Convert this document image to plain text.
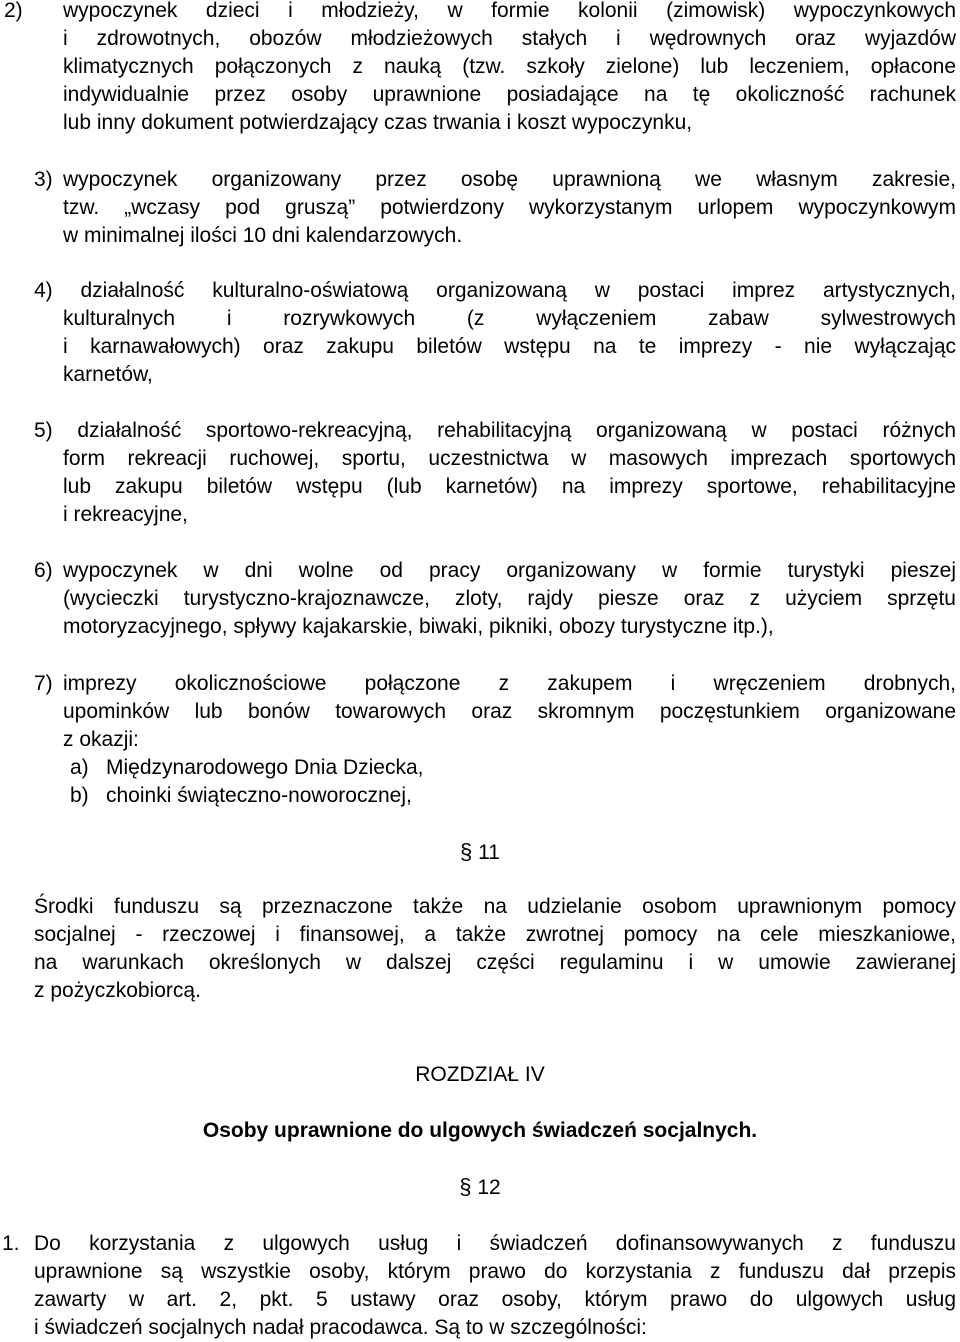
2) wypoczynek dzieci i młodzieży, w formie kolonii (zimowisk) wypoczynkowych
i zdrowotnych, obozów młodzieżowych stałych i wędrownych oraz wyjazdów
klimatycznych połączonych z nauką (tzw. szkoły zielone) lub leczeniem, opłacone
indywidualnie przez osoby uprawnione posiadające na tę okoliczność rachunek
lub inny dokument potwierdzający czas trwania i koszt wypoczynku,
3) wypoczynek organizowany przez osobę uprawnioną we własnym zakresie,
tzw. „wczasy pod gruszą” potwierdzony wykorzystanym urlopem wypoczynkowym
w minimalnej ilości 10 dni kalendarzowych.
4) działalność kulturalno-oświatową organizowaną w postaci imprez artystycznych,
kulturalnych i rozrywkowych (z wyłączeniem zabaw sylwestrowych
i karnawałowych) oraz zakupu biletów wstępu na te imprezy - nie wyłączając
karnetów,
5) działalność sportowo-rekreacyjną, rehabilitacyjną organizowaną w postaci różnych
form rekreacji ruchowej, sportu, uczestnictwa w masowych imprezach sportowych
lub zakupu biletów wstępu (lub karnetów) na imprezy sportowe, rehabilitacyjne
i rekreacyjne,
6) wypoczynek w dni wolne od pracy organizowany w formie turystyki pieszej
(wycieczki turystyczno-krajoznawcze, zloty, rajdy piesze oraz z użyciem sprzętu
motoryzacyjnego, spływy kajakarskie, biwaki, pikniki, obozy turystyczne itp.),
7) imprezy okolicznościowe połączone z zakupem i wręczeniem drobnych,
upominków lub bonów towarowych oraz skromnym poczęstunkiem organizowane
z okazji:
a) Międzynarodowego Dnia Dziecka,
b) choinki świąteczno-noworocznej,
§ 11
Środki funduszu są przeznaczone także na udzielanie osobom uprawnionym pomocy
socjalnej - rzeczowej i finansowej, a także zwrotnej pomocy na cele mieszkaniowe,
na warunkach określonych w dalszej części regulaminu i w umowie zawieranej
z pożyczkobiorcą.
ROZDZIAŁ IV
Osoby uprawnione do ulgowych świadczeń socjalnych.
§ 12
1. Do korzystania z ulgowych usług i świadczeń dofinansowywanych z funduszu
uprawnione są wszystkie osoby, którym prawo do korzystania z funduszu dał przepis
zawarty w art. 2, pkt. 5 ustawy oraz osoby, którym prawo do ulgowych usług
i świadczeń socjalnych nadał pracodawca. Są to w szczególności:
